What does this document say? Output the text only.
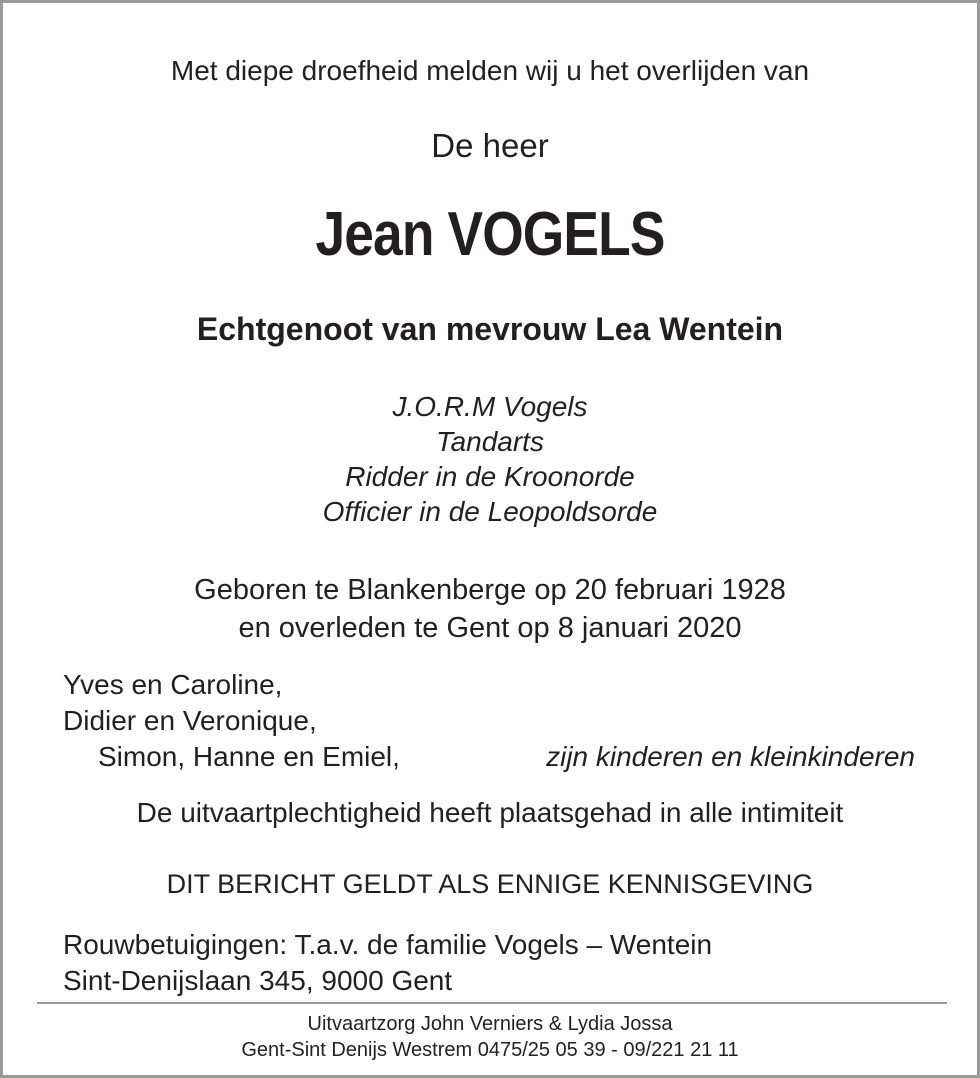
Met diepe droefheid melden wij u het overlijden van

De heer

Jean VOGELS

Echtgenoot van mevrouw Lea Wentein

J.O.R.M Vogels
Tandarts
Ridder in de Kroonorde
Officier in de Leopoldsorde
Geboren te Blankenberge op 20 februari 1928
en overleden te Gent op 8 januari 2020
Yves en Caroline,
Didier en Veronique,
Simon, Hanne en Emiel,	zijn kinderen en kleinkinderen

De uitvaartplechtigheid heeft plaatsgehad in alle intimiteit

DIT BERICHT GELDT ALS ENNIGE KENNISGEVING

Rouwbetuigingen: T.a.v. de familie Vogels – Wentein
Sint-Denijslaan 345, 9000 Gent
Uitvaartzorg John Verniers & Lydia Jossa
Gent-Sint Denijs Westrem 0475/25 05 39 - 09/221 21 11
